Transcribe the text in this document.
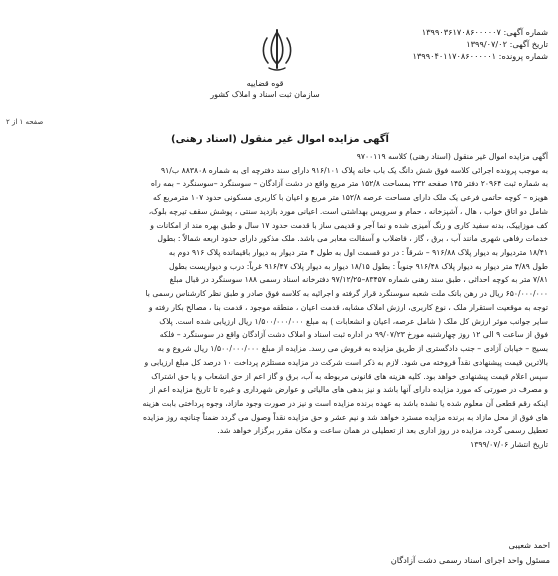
شماره آگهی: ۱۳۹۹۰۳۶۱۷۰۸۶۰۰۰۰۰۷
تاریخ آگهی: ۱۳۹۹/۰۷/۰۲
شماره پرونده: ۱۳۹۹۰۴۰۱۱۷۰۸۶۰۰۰۰۰۱
قوه قضاییه
سازمان ثبت اسناد و املاک کشور
صفحه ۱ از ۲
آگهی مزایده اموال غیر منقول (اسناد رهنی)
آگهی مزایده اموال غیر منقول (اسناد رهنی) کلاسه ۹۷۰۰۱۱۹
به موجب پرونده اجرائی کلاسه فوق شش دانگ یک باب خانه پلاک ۹۱۶/۱۰۱ دارای سند دفترچه ای به شماره ۸۸۳۸۰۸ ب/۹۱
به شماره ثبت ۲۰۹۶۴ دفتر ۱۴۵ صفحه ۲۳۲ بمساحت ۱۵۲/۸ متر مربع واقع در دشت آزادگان – سوسنگرد –سوسنگرد – بمه راه
هویزه – کوچه حاتمی فرعی یک ملک دارای مساحت عرصه ۱۵۲/۸ متر مربع و اعیان با کاربری مسکونی حدود ۱۰۷ مترمربع که
شامل دو اتاق خواب ، هال ، آشپزخانه ، حمام و سرویس بهداشتی است. اعیانی مورد بازدید سنتی ، پوشش سقف تیرچه بلوک،
کف موزاییک، بدنه سفید کاری و رنگ آمیزی شده و نما آجر و قدیمی ساز با قدمت حدود ۱۷ سال و طبق بهره مند از امکانات و
خدمات رفاهی شهری مانند آب ، برق ، گاز ، فاضلاب و آسفالت معابر می باشد. ملک مذکور دارای حدود اربعه شمالاً : بطول
۱۸/۴۱ متردیوار به دیوار پلاک ۹۱۶/۸۸ – شرقاً : در دو قسمت اول به طول ۴ متر دیوار به دیوار باقیمانده پلاک ۹۱۶ دوم به
طول ۴/۸۹ متر دیوار به دیوار پلاک ۹۱۶/۴۸ جنوباً : بطول ۱۸/۱۵ دیوار به دیوار پلاک ۹۱۶/۴۷ غرباً: درب و دیواریست بطول
۷/۸۱ متر به کوچه احداثی ، طبق سند رهنی شماره ۸۳۴۵۷–۹۷/۱۲/۲۵ دفترخانه اسناد رسمی ۱۸۸ سوسنگرد در قبال مبلغ
۶۵۰/۰۰۰/۰۰۰ ریال در رهن بانک ملت شعبه سوسنگرد قرار گرفته و اجرائیه به کلاسه فوق صادر و طبق نظر کارشناس رسمی با
توجه به موقعیت استقرار ملک ، نوع کاربری، ارزش املاک مشابه، قدمت اعیان ، منطقه موجود ، قدمت بنا ، مصالح بکار رفته و
سایر جوانب موثر ارزش کل ملک ( شامل عرصه، اعیان و انشعابات ) به مبلغ ۱/۵۰۰/۰۰۰/۰۰۰ ریال ارزیابی شده است. پلاک
فوق از ساعت ۹ الی ۱۲ روز چهارشنبه مورخ ۹۹/۰۷/۲۳ در اداره ثبت اسناد و املاک دشت آزادگان واقع در سوسنگرد – فلکه
بسیج – خیابان آزادی – جنب دادگستری از طریق مزایده به فروش می رسد. مزایده از مبلغ ۱/۵۰۰/۰۰۰/۰۰۰ ریال شروع و به
بالاترین قیمت پیشنهادی نقداً فروخته می شود. لازم به ذکر است شرکت در مزایده مستلزم پرداخت ۱۰ درصد کل مبلغ ارزیابی و
سپس اعلام قیمت پیشنهادی خواهد بود. کلیه هزینه های قانونی مربوطه به آب، برق و گاز اعم از حق انشعاب و یا حق اشتراک
و مصرف در صورتی که مورد مزایده دارای آنها باشد و نیز بدهی های مالیاتی و عوارض شهرداری و غیره تا تاریخ مزایده اعم از
اینکه رقم قطعی آن معلوم شده یا نشده باشد به عهده برنده مزایده است و نیز در صورت وجود مازاد، وجوه پرداختی بابت هزینه
های فوق از محل مازاد به برنده مزایده مسترد خواهد شد و نیم عشر و حق مزایده نقداً وصول می گردد ضمناً چنانچه روز مزایده
تعطیل رسمی گردد، مزایده در روز اداری بعد از تعطیلی در همان ساعت و مکان مقرر برگزار خواهد شد.
تاریخ انتشار ۱۳۹۹/۰۷/۰۶
احمد شعیبی
مسئول واحد اجرای اسناد رسمی دشت آزادگان
